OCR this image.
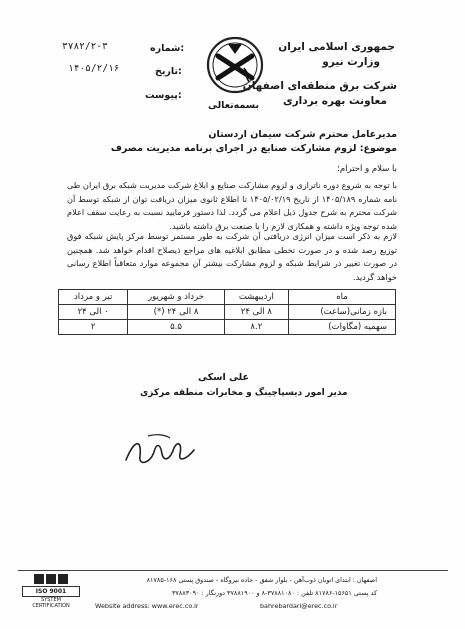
جمهوری اسلامی ایران
وزارت نیرو
شرکت برق منطقه‌ای اصفهان
معاونت بهره برداری
بسمه‌تعالی
شماره:
۳۷۸۲/۲-۳
تاریخ:
۱۴۰۵/۲/۱۶
پیوست:
مدیرعامل محترم شرکت سیمان اردستان
موضوع: لزوم مشارکت صنایع در اجرای برنامه مدیریت مصرف
با سلام و احترام؛
با توجه به شروع دوره ناترازی و لزوم مشارکت صنایع و ابلاغ شرکت مدیریت شبکه برق ایران طی نامه شماره ۱۴۰۵/۱۸۹ از تاریخ ۱۴۰۵/۰۲/۱۹ تا اطلاع ثانوی میزان دریافت توان از شبکه توسط آن شرکت محترم به شرح جدول ذیل اعلام می گردد. لذا دستور فرمایید نسبت به رعایت سقف اعلام شده توجه ویژه داشته و همکاری لازم را با صنعت برق داشته باشید.
لازم به ذکر است میزان انرژی دریافتی آن شرکت به طور مستمر توسط مرکز پایش شبکه فوق توزیع رصد شده و در صورت تخطی مطابق ابلاغیه های مراجع ذیصلاح اقدام خواهد شد. همچنین در صورت تغییر در شرایط شبکه و لزوم مشارکت بیشتر آن مجموعه موارد متعاقباً اطلاع رسانی خواهد گردید.
ماه	اردیبهشت	خرداد و شهریور	تیر و مرداد
بازه زمانی(ساعت)	۸ الی ۲۴	۸ الی ۲۴ (*)	۰ الی ۲۴
سهمیه (مگاوات)	۸.۲	۵.۵	۲
علی اسکی
مدیر امور دیسپاچینگ و مخابرات منطقه مرکزی
اصفهان : ابتدای اتوبان ذوب‌آهن - بلوار شفق - جاده نیروگاه - صندوق پستی ۱۶۸-۸۱۷۸۵
کد پستی ۱۵۶۵۱-۸۱۷۸۶ تلفن : ۳۷۸۸۱۰۸۰-۸ و ۳۷۸۸۱۹۰۰ دورنگار : ۳۷۸۸۳۰۹۰
Website address: www.erec.co.ir	bahrebardari@erec.co.ir
ISO 9001
SYSTEM CERTIFICATION
